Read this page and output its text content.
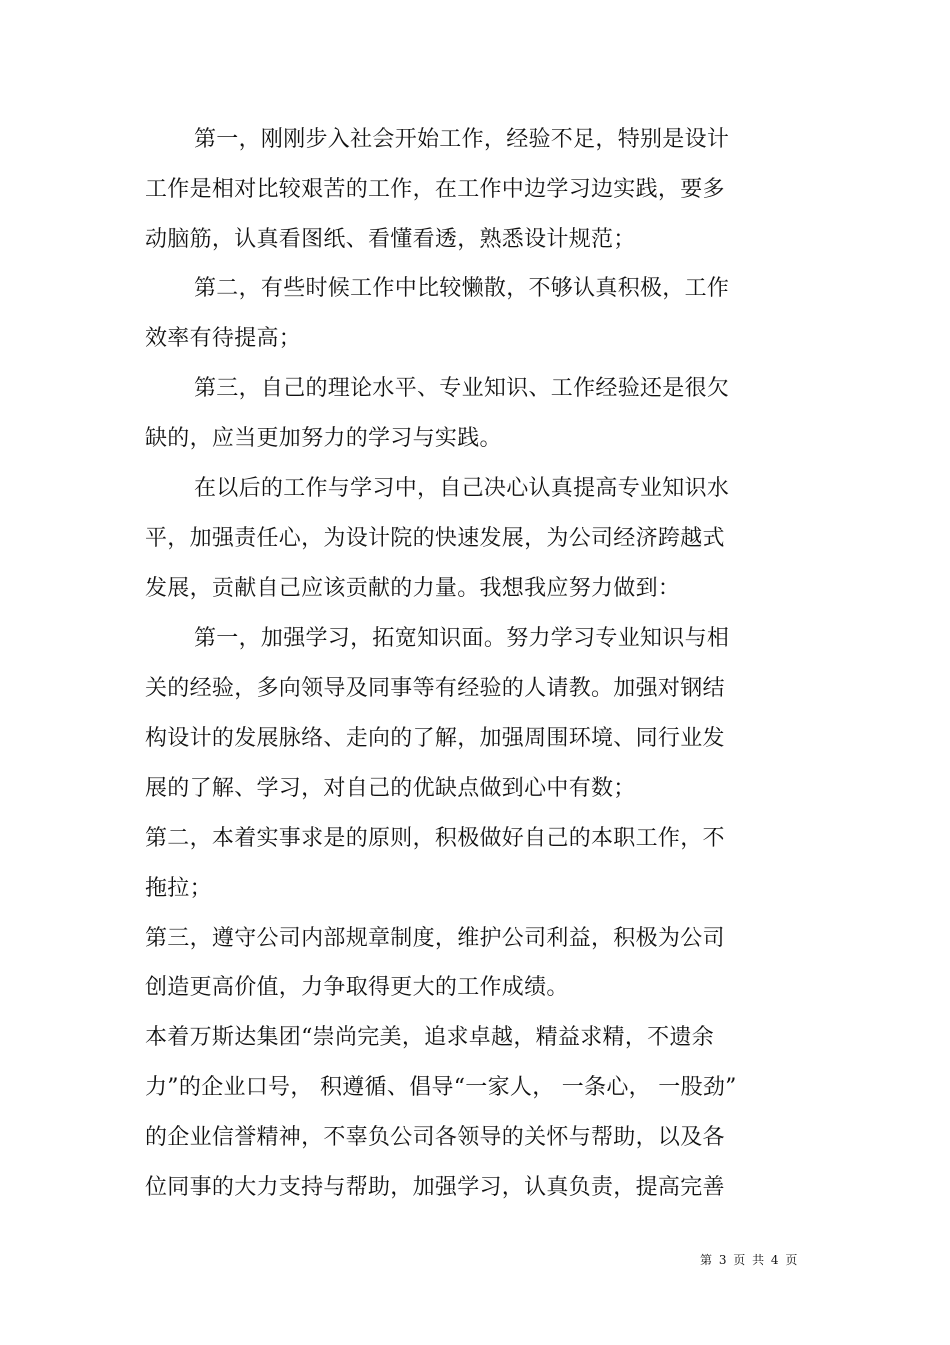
第一，刚刚步入社会开始工作，经验不足，特别是设计
工作是相对比较艰苦的工作，在工作中边学习边实践，要多
动脑筋，认真看图纸、看懂看透，熟悉设计规范；
第二，有些时候工作中比较懒散，不够认真积极，工作
效率有待提高；
第三，自己的理论水平、专业知识、工作经验还是很欠
缺的，应当更加努力的学习与实践。
在以后的工作与学习中，自己决心认真提高专业知识水
平，加强责任心，为设计院的快速发展，为公司经济跨越式
发展，贡献自己应该贡献的力量。我想我应努力做到：
第一，加强学习，拓宽知识面。努力学习专业知识与相
关的经验，多向领导及同事等有经验的人请教。加强对钢结
构设计的发展脉络、走向的了解，加强周围环境、同行业发
展的了解、学习，对自己的优缺点做到心中有数；
第二，本着实事求是的原则，积极做好自己的本职工作，不
拖拉；
第三，遵守公司内部规章制度，维护公司利益，积极为公司
创造更高价值，力争取得更大的工作成绩。
本着万斯达集团“崇尚完美，追求卓越，精益求精，不遗余
力”的企业口号， 积遵循、倡导“一家人， 一条心， 一股劲”
的企业信誉精神，不辜负公司各领导的关怀与帮助，以及各
位同事的大力支持与帮助，加强学习，认真负责，提高完善
第 3 页 共 4 页
